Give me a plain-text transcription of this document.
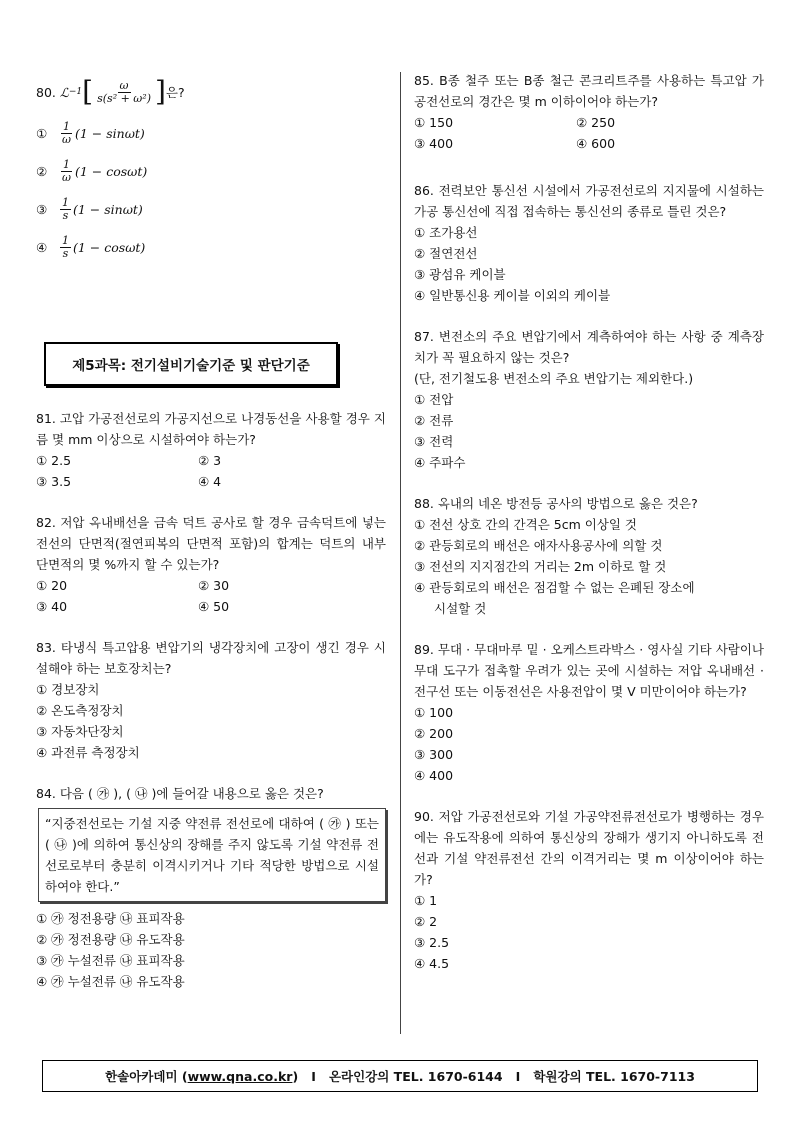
80.
ℒ −1 [ $\frac{\omega}{\text{s(s² + ω²)}}$ ] 은?
①	$\frac{1}{\omega} (1 - \sin\omega t)$
②	$\frac{1}{\omega} (1 - \cos\omega t)$
③	$\frac{1}{s} (1 - \sin\omega t)$
④	$\frac{1}{s} (1 - \cos\omega t)$
제5과목: 전기설비기술기준 및 판단기준
81. 고압 가공전선로의 가공지선으로 나경동선을 사용할 경우 지름 몇 mm 이상으로 시설하여야 하는가?
① 2.5	② 3
③ 3.5	④ 4
82. 저압 옥내배선을 금속 덕트 공사로 할 경우 금속덕트에 넣는 전선의 단면적(절연피복의 단면적 포함)의 합계는 덕트의 내부 단면적의 몇 %까지 할 수 있는가?
① 20	② 30
③ 40	④ 50
83. 타냉식 특고압용 변압기의 냉각장치에 고장이 생긴 경우 시설해야 하는 보호장치는?
① 경보장치
② 온도측정장치
③ 자동차단장치
④ 과전류 측정장치
84. 다음 ( ㉮ ), ( ㉯ )에 들어갈 내용으로 옳은 것은?
“지중전선로는 기설 지중 약전류 전선로에 대하여 ( ㉮ ) 또는 ( ㉯ )에 의하여 통신상의 장해를 주지 않도록 기설 약전류 전선로로부터 충분히 이격시키거나 기타 적당한 방법으로 시설하여야 한다.”
① ㉮ 정전용량 ㉯ 표피작용
② ㉮ 정전용량 ㉯ 유도작용
③ ㉮ 누설전류 ㉯ 표피작용
④ ㉮ 누설전류 ㉯ 유도작용
85. B종 철주 또는 B종 철근 콘크리트주를 사용하는 특고압 가공전선로의 경간은 몇 m 이하이어야 하는가?
① 150	② 250
③ 400	④ 600
86. 전력보안 통신선 시설에서 가공전선로의 지지물에 시설하는 가공 통신선에 직접 접속하는 통신선의 종류로 틀린 것은?
① 조가용선
② 절연전선
③ 광섬유 케이블
④ 일반통신용 케이블 이외의 케이블
87. 변전소의 주요 변압기에서 계측하여야 하는 사항 중 계측장치가 꼭 필요하지 않는 것은?
(단, 전기철도용 변전소의 주요 변압기는 제외한다.)
① 전압
② 전류
③ 전력
④ 주파수
88. 옥내의 네온 방전등 공사의 방법으로 옳은 것은?
① 전선 상호 간의 간격은 5cm 이상일 것
② 관등회로의 배선은 애자사용공사에 의할 것
③ 전선의 지지점간의 거리는 2m 이하로 할 것
④ 관등회로의 배선은 점검할 수 없는 은폐된 장소에
시설할 것
89. 무대 · 무대마루 밑 · 오케스트라박스 · 영사실 기타 사람이나 무대 도구가 접촉할 우려가 있는 곳에 시설하는 저압 옥내배선 · 전구선 또는 이동전선은 사용전압이 몇 V 미만이어야 하는가?
① 100
② 200
③ 300
④ 400
90. 저압 가공전선로와 기설 가공약전류전선로가 병행하는 경우에는 유도작용에 의하여 통신상의 장해가 생기지 아니하도록 전선과 기설 약전류전선 간의 이격거리는 몇 m 이상이어야 하는가?
① 1
② 2
③ 2.5
④ 4.5
한솔아카데미 ( www.qna.co.kr )
I
온라인강의 TEL. 1670-6144
I
학원강의 TEL. 1670-7113
